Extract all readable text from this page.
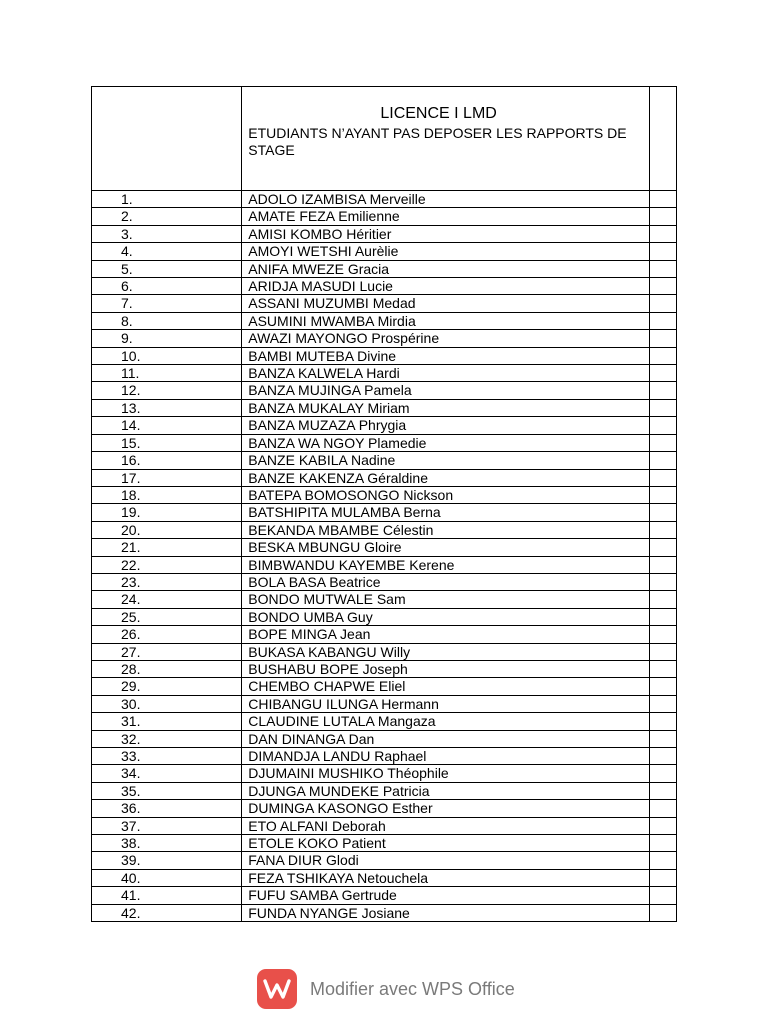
	LICENCE I LMD
ETUDIANTS N’AYANT PAS DEPOSER LES RAPPORTS DE STAGE	

1.	ADOLO IZAMBISA Merveille	
2.	AMATE FEZA Emilienne	
3.	AMISI KOMBO Héritier	
4.	AMOYI WETSHI Aurèlie	
5.	ANIFA MWEZE Gracia	
6.	ARIDJA MASUDI Lucie	
7.	ASSANI MUZUMBI Medad	
8.	ASUMINI MWAMBA Mirdia	
9.	AWAZI MAYONGO Prospérine	
10.	BAMBI MUTEBA Divine	
11.	BANZA KALWELA Hardi	
12.	BANZA MUJINGA Pamela	
13.	BANZA MUKALAY Miriam	
14.	BANZA MUZAZA Phrygia	
15.	BANZA WA NGOY Plamedie	
16.	BANZE KABILA Nadine	
17.	BANZE KAKENZA Géraldine	
18.	BATEPA BOMOSONGO Nickson	
19.	BATSHIPITA MULAMBA Berna	
20.	BEKANDA MBAMBE Célestin	
21.	BESKA MBUNGU Gloire	
22.	BIMBWANDU KAYEMBE Kerene	
23.	BOLA BASA Beatrice	
24.	BONDO MUTWALE Sam	
25.	BONDO UMBA Guy	
26.	BOPE MINGA Jean	
27.	BUKASA KABANGU Willy	
28.	BUSHABU BOPE Joseph	
29.	CHEMBO CHAPWE Eliel	
30.	CHIBANGU ILUNGA Hermann	
31.	CLAUDINE LUTALA Mangaza	
32.	DAN DINANGA Dan	
33.	DIMANDJA LANDU Raphael	
34.	DJUMAINI MUSHIKO Théophile	
35.	DJUNGA MUNDEKE Patricia	
36.	DUMINGA KASONGO Esther	
37.	ETO ALFANI Deborah	
38.	ETOLE KOKO Patient	
39.	FANA DIUR Glodi	
40.	FEZA TSHIKAYA Netouchela	
41.	FUFU SAMBA Gertrude	
42.	FUNDA NYANGE Josiane	
Modifier avec WPS Office
